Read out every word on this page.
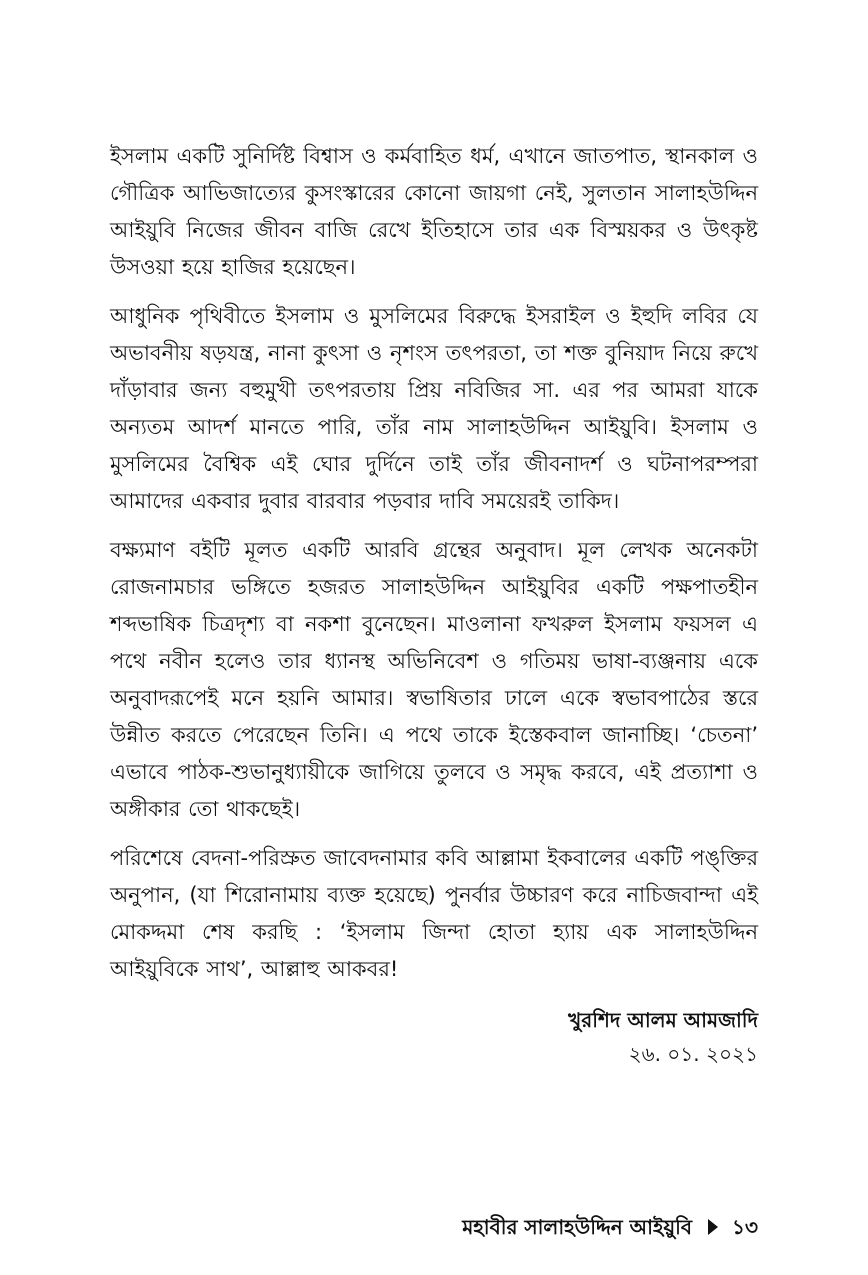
ইসলাম একটি সুনির্দিষ্ট বিশ্বাস ও কর্মবাহিত ধর্ম, এখানে জাতপাত, স্থানকাল ও গৌত্রিক আভিজাত্যের কুসংস্কারের কোনো জায়গা নেই, সুলতান সালাহউদ্দিন আইয়ুবি নিজের জীবন বাজি রেখে ইতিহাসে তার এক বিস্ময়কর ও উৎকৃষ্ট উসওয়া হয়ে হাজির হয়েছেন।

আধুনিক পৃথিবীতে ইসলাম ও মুসলিমের বিরুদ্ধে ইসরাইল ও ইহুদি লবির যে অভাবনীয় ষড়যন্ত্র, নানা কুৎসা ও নৃশংস তৎপরতা, তা শক্ত বুনিয়াদ নিয়ে রুখে দাঁড়াবার জন্য বহুমুখী তৎপরতায় প্রিয় নবিজির সা. এর পর আমরা যাকে অন্যতম আদর্শ মানতে পারি, তাঁর নাম সালাহউদ্দিন আইয়ুবি। ইসলাম ও মুসলিমের বৈশ্বিক এই ঘোর দুর্দিনে তাই তাঁর জীবনাদর্শ ও ঘটনাপরম্পরা আমাদের একবার দুবার বারবার পড়বার দাবি সময়েরই তাকিদ।

বক্ষ্যমাণ বইটি মূলত একটি আরবি গ্রন্থের অনুবাদ। মূল লেখক অনেকটা রোজনামচার ভঙ্গিতে হজরত সালাহউদ্দিন আইয়ুবির একটি পক্ষপাতহীন শব্দভাষিক চিত্রদৃশ্য বা নকশা বুনেছেন। মাওলানা ফখরুল ইসলাম ফয়সল এ পথে নবীন হলেও তার ধ্যানস্থ অভিনিবেশ ও গতিময় ভাষা-ব্যঞ্জনায় একে অনুবাদরূপেই মনে হয়নি আমার। স্বভাষিতার ঢালে একে স্বভাবপাঠের স্তরে উন্নীত করতে পেরেছেন তিনি। এ পথে তাকে ইস্তেকবাল জানাচ্ছি। ‘চেতনা’ এভাবে পাঠক-শুভানুধ্যায়ীকে জাগিয়ে তুলবে ও সমৃদ্ধ করবে, এই প্রত্যাশা ও অঙ্গীকার তো থাকছেই।

পরিশেষে বেদনা-পরিস্রুত জাবেদনামার কবি আল্লামা ইকবালের একটি পঙ্‌ক্তির অনুপান, (যা শিরোনামায় ব্যক্ত হয়েছে) পুনর্বার উচ্চারণ করে নাচিজবান্দা এই মোকদ্দমা শেষ করছি : ‘ইসলাম জিন্দা হোতা হ্যায় এক সালাহউদ্দিন আইয়ুবিকে সাথ’, আল্লাহু আকবর!

খুরশিদ আলম আমজাদি
২৬. ০১. ২০২১
মহাবীর সালাহউদ্দিন আইয়ুবি ১৩
